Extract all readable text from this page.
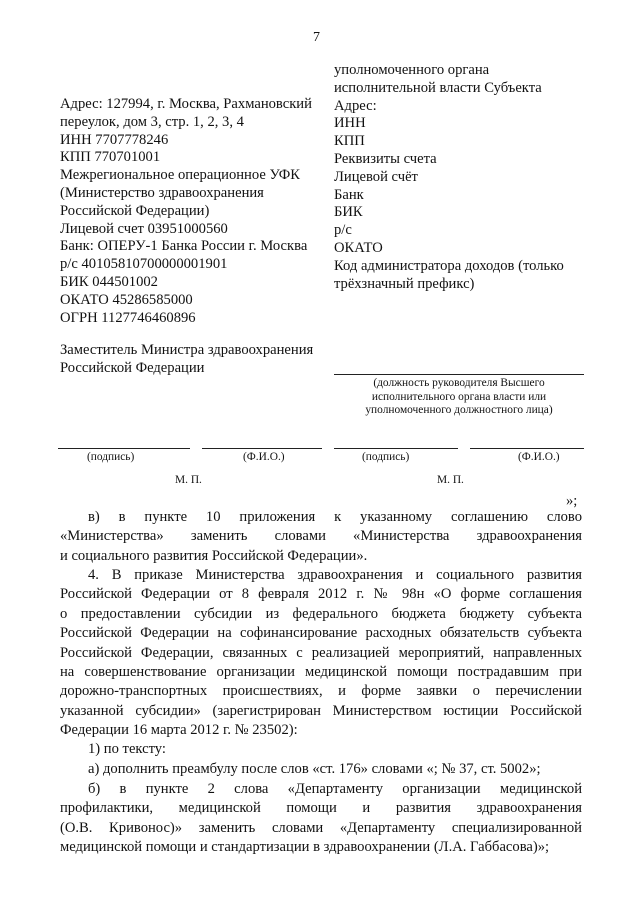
7
Адрес: 127994, г. Москва, Рахмановский
переулок, дом 3, стр. 1, 2, 3, 4
ИНН 7707778246
КПП 770701001
Межрегиональное операционное УФК
(Министерство здравоохранения
Российской Федерации)
Лицевой счет 03951000560
Банк: ОПЕРУ-1 Банка России г. Москва
р/с 40105810700000001901
БИК 044501002
ОКАТО 45286585000
ОГРН 1127746460896
уполномоченного органа
исполнительной власти Субъекта
Адрес:
ИНН
КПП
Реквизиты счета
Лицевой счёт
Банк
БИК
р/с
ОКАТО
Код администратора доходов (только
трёхзначный префикс)
Заместитель Министра здравоохранения
Российской Федерации
(должность руководителя Высшего
исполнительного органа власти или
уполномоченного должностного лица)
(подпись)	(Ф.И.О.)	(подпись)	(Ф.И.О.)
М. П.	М. П.
»;
в) в пункте 10 приложения к указанному соглашению слово
«Министерства» заменить словами «Министерства здравоохранения
и социального развития Российской Федерации».
4. В приказе Министерства здравоохранения и социального развития
Российской Федерации от 8 февраля 2012 г. № 98н «О форме соглашения
о предоставлении субсидии из федерального бюджета бюджету субъекта
Российской Федерации на софинансирование расходных обязательств субъекта
Российской Федерации, связанных с реализацией мероприятий, направленных
на совершенствование организации медицинской помощи пострадавшим при
дорожно-транспортных происшествиях, и форме заявки о перечислении
указанной субсидии» (зарегистрирован Министерством юстиции Российской
Федерации 16 марта 2012 г. № 23502):
1) по тексту:
а) дополнить преамбулу после слов «ст. 176» словами «; № 37, ст. 5002»;
б) в пункте 2 слова «Департаменту организации медицинской
профилактики, медицинской помощи и развития здравоохранения
(О.В. Кривонос)» заменить словами «Департаменту специализированной
медицинской помощи и стандартизации в здравоохранении (Л.А. Габбасова)»;
